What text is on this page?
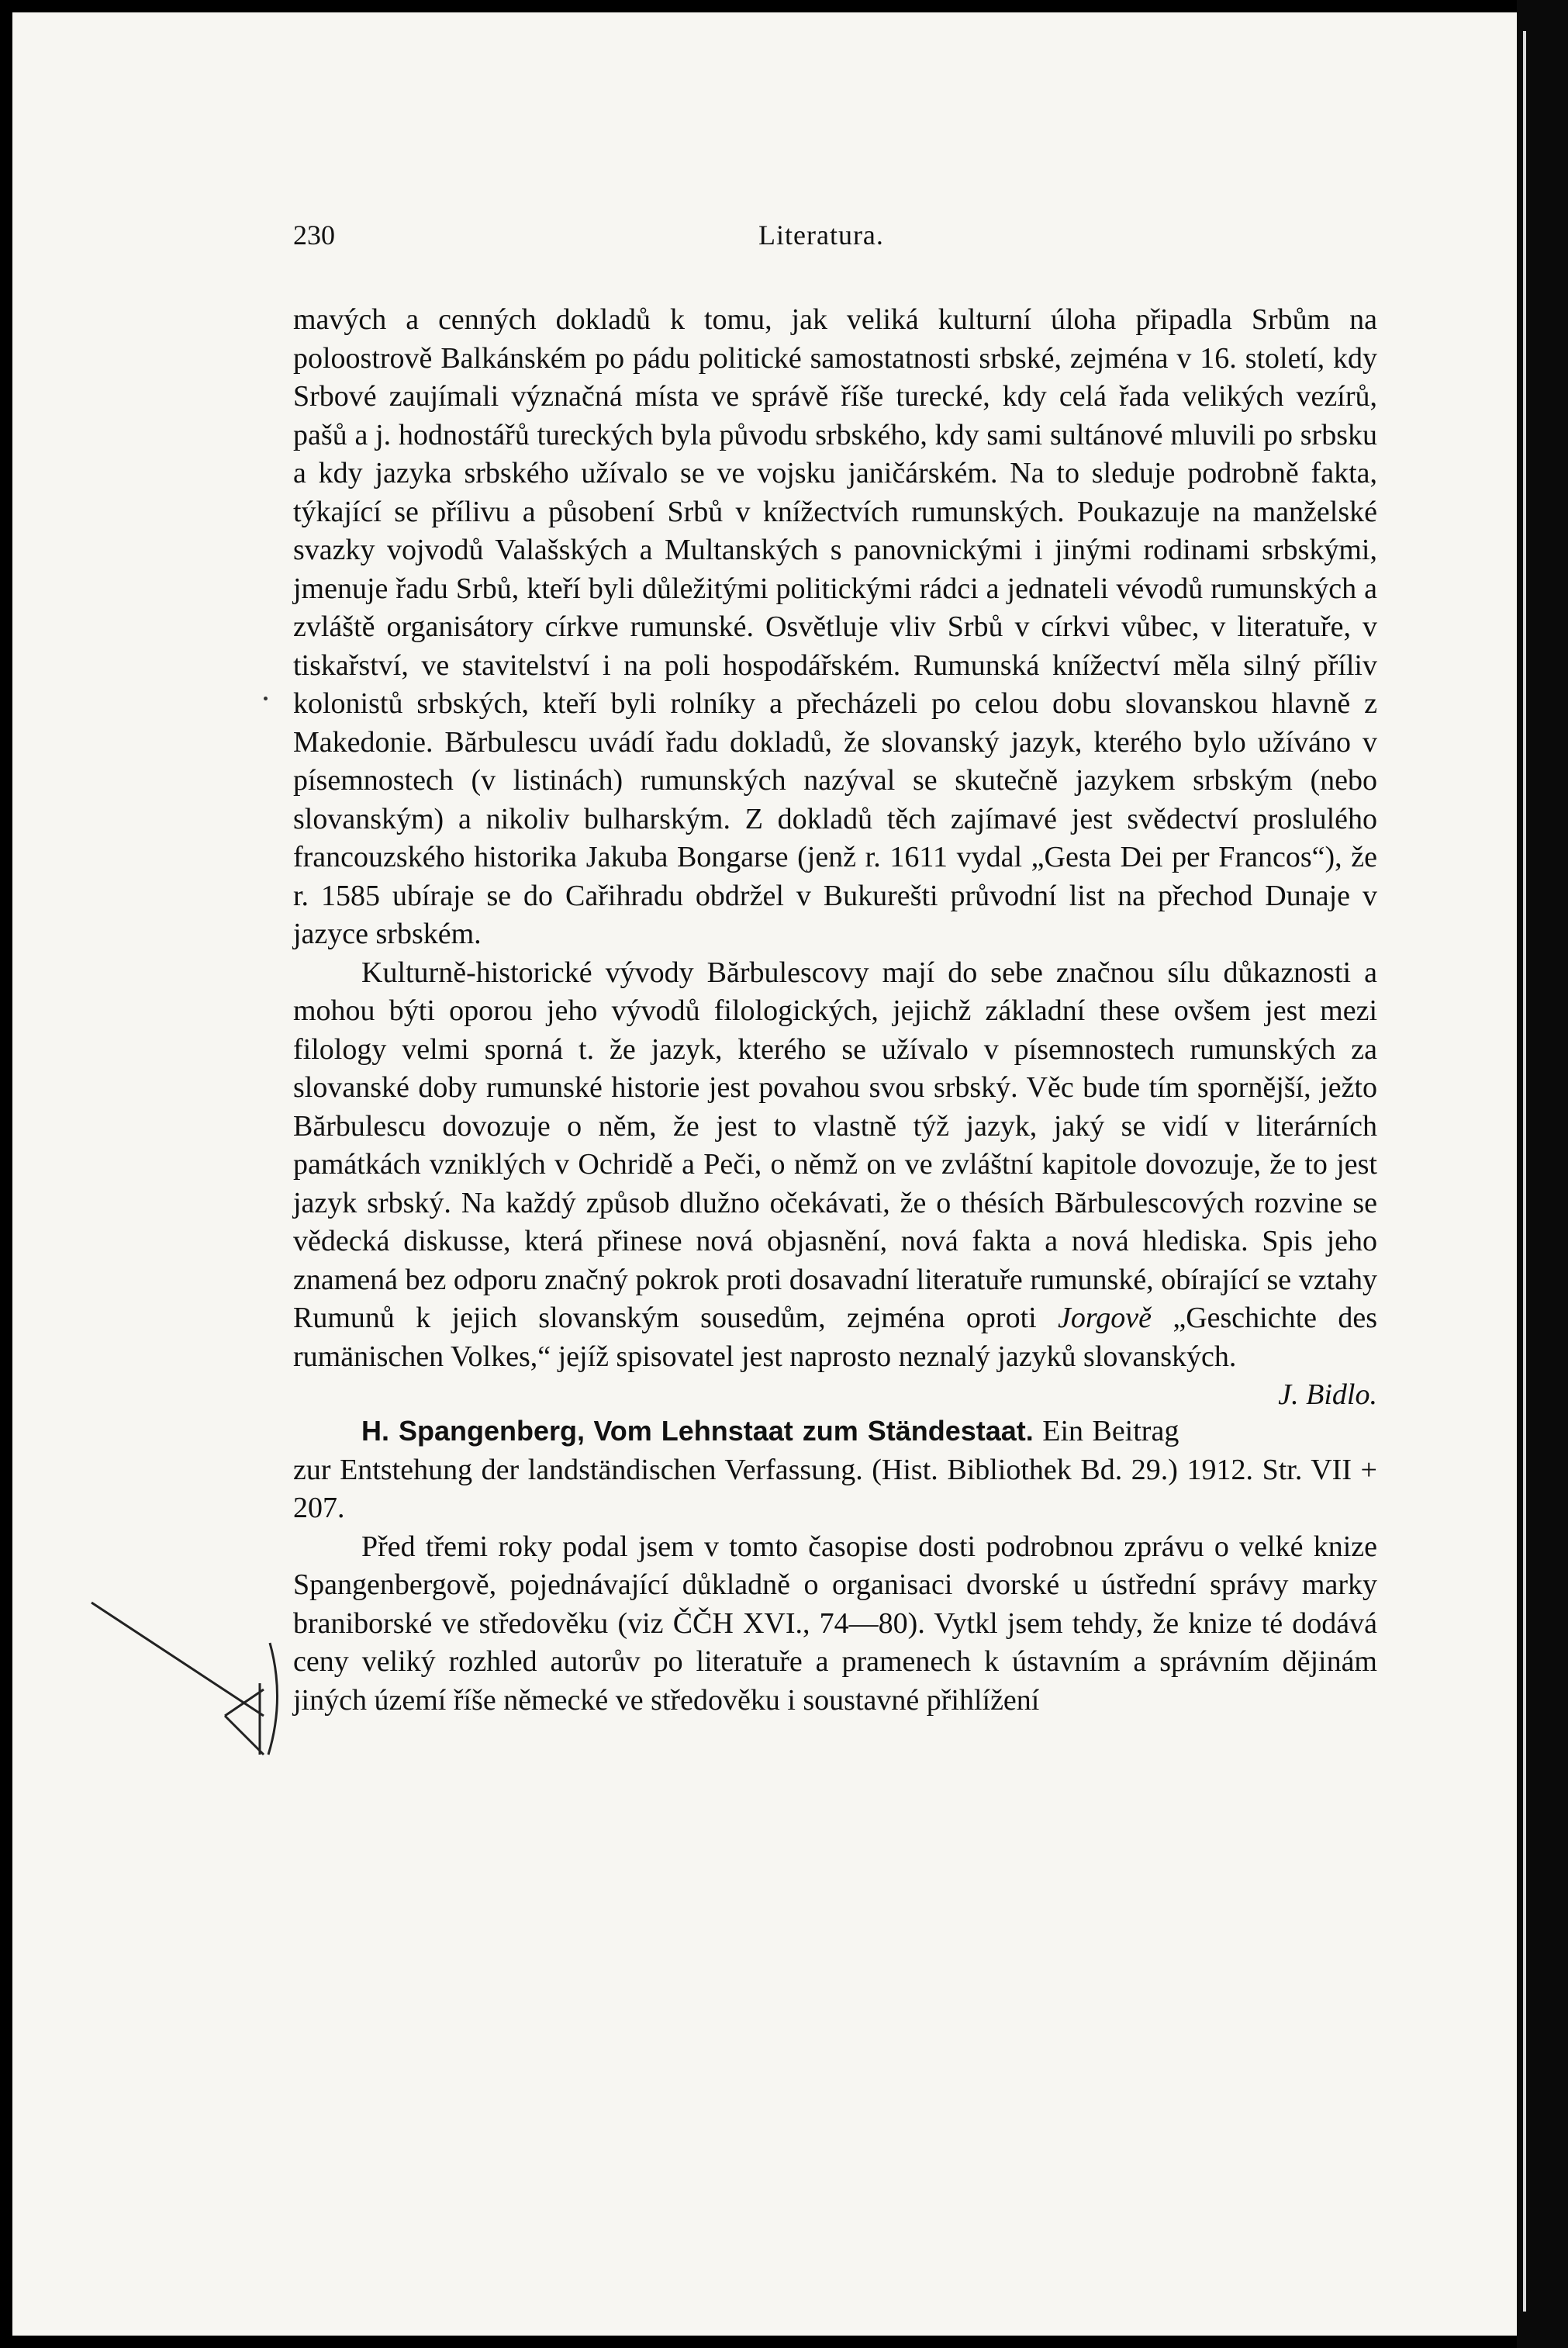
230	Literatura.

mavých a cenných dokladů k tomu, jak veliká kulturní úloha připadla Srbům na poloostrově Balkánském po pádu politické samostatnosti srbské, zejména v 16. století, kdy Srbové zaujímali význačná místa ve správě říše turecké, kdy celá řada velikých vezírů, pašů a j. hodnostářů tureckých byla původu srbského, kdy sami sultánové mluvili po srbsku a kdy jazyka srbského užívalo se ve vojsku janičárském. Na to sleduje podrobně fakta, týkající se přílivu a působení Srbů v knížectvích rumunských. Poukazuje na manželské svazky vojvodů Valašských a Multanských s panovnickými i jinými rodinami srbskými, jmenuje řadu Srbů, kteří byli důležitými politickými rádci a jednateli vévodů rumunských a zvláště organisátory církve rumunské. Osvětluje vliv Srbů v církvi vůbec, v literatuře, v tiskařství, ve stavitelství i na poli hospodářském. Rumunská knížectví měla silný příliv kolonistů srbských, kteří byli rolníky a přecházeli po celou dobu slovanskou hlavně z Makedonie. Bărbulescu uvádí řadu dokladů, že slovanský jazyk, kterého bylo užíváno v písemnostech (v listinách) rumunských nazýval se skutečně jazykem srbským (nebo slovanským) a nikoliv bulharským. Z dokladů těch zajímavé jest svědectví proslulého francouzského historika Jakuba Bongarse (jenž r. 1611 vydal „Gesta Dei per Francos“), že r. 1585 ubíraje se do Cařihradu obdržel v Bukurešti průvodní list na přechod Dunaje v jazyce srbském.

Kulturně-historické vývody Bărbulescovy mají do sebe značnou sílu důkaznosti a mohou býti oporou jeho vývodů filologických, jejichž základní these ovšem jest mezi filology velmi sporná t. že jazyk, kterého se užívalo v písemnostech rumunských za slovanské doby rumunské historie jest povahou svou srbský. Věc bude tím spornější, ježto Bărbulescu dovozuje o něm, že jest to vlastně týž jazyk, jaký se vidí v literárních památkách vzniklých v Ochridě a Peči, o němž on ve zvláštní kapitole dovozuje, že to jest jazyk srbský. Na každý způsob dlužno očekávati, že o thésích Bărbulescových rozvine se vědecká diskusse, která přinese nová objasnění, nová fakta a nová hlediska. Spis jeho znamená bez odporu značný pokrok proti dosavadní literatuře rumunské, obírající se vztahy Rumunů k jejich slovanským sousedům, zejména oproti Jorgově „Geschichte des rumänischen Volkes,“ jejíž spisovatel jest naprosto neznalý jazyků slovanských.
J. Bidlo.

H. Spangenberg, Vom Lehnstaat zum Ständestaat. Ein Beitrag zur Entstehung der landständischen Verfassung. (Hist. Bibliothek Bd. 29.) 1912. Str. VII + 207.

Před třemi roky podal jsem v tomto časopise dosti podrobnou zprávu o velké knize Spangenbergově, pojednávající důkladně o organisaci dvorské u ústřední správy marky braniborské ve středověku (viz ČČH XVI., 74—80). Vytkl jsem tehdy, že knize té dodává ceny veliký rozhled autorův po literatuře a pramenech k ústavním a správním dějinám jiných území říše německé ve středověku i soustavné přihlížení
